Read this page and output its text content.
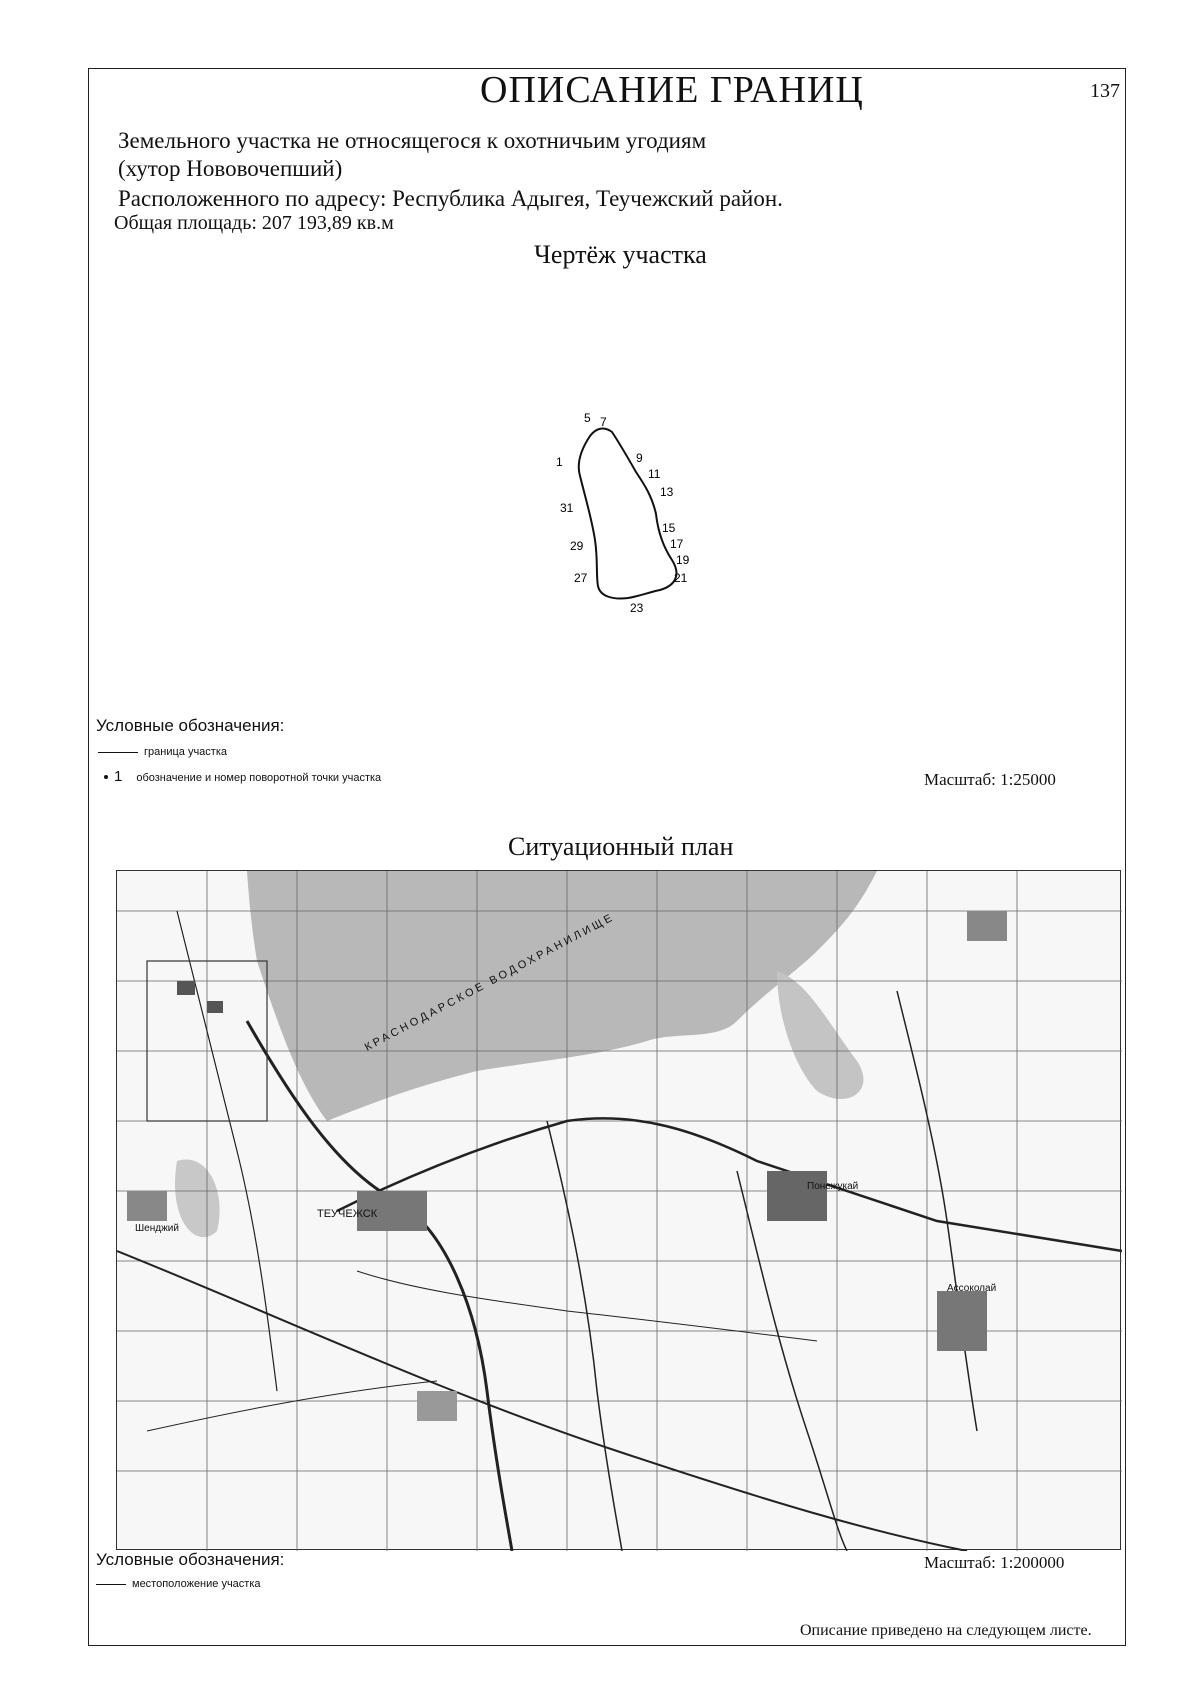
ОПИСАНИЕ ГРАНИЦ	137
Земельного участка не относящегося к охотничьим угодиям
(хутор Нововочепший)
Расположенного по адресу: Республика Адыгея, Теучежский район.
Общая площадь: 207 193,89 кв.м
Чертёж участка
5 7
1	9
11
13
31
15
17
29
19
27	21
23
Условные обозначения:
граница участка
1 обозначение и номер поворотной точки участка	Масштаб: 1:25000
Ситуационный план
ТЕУЧЕЖСК
Шенджий
КРАСНОДАРСКОЕ ВОДОХРАНИЛИЩЕ
Ассоколай
Понежукай
Условные обозначения:
местоположение участка
Масштаб: 1:200000
Описание приведено на следующем листе.
